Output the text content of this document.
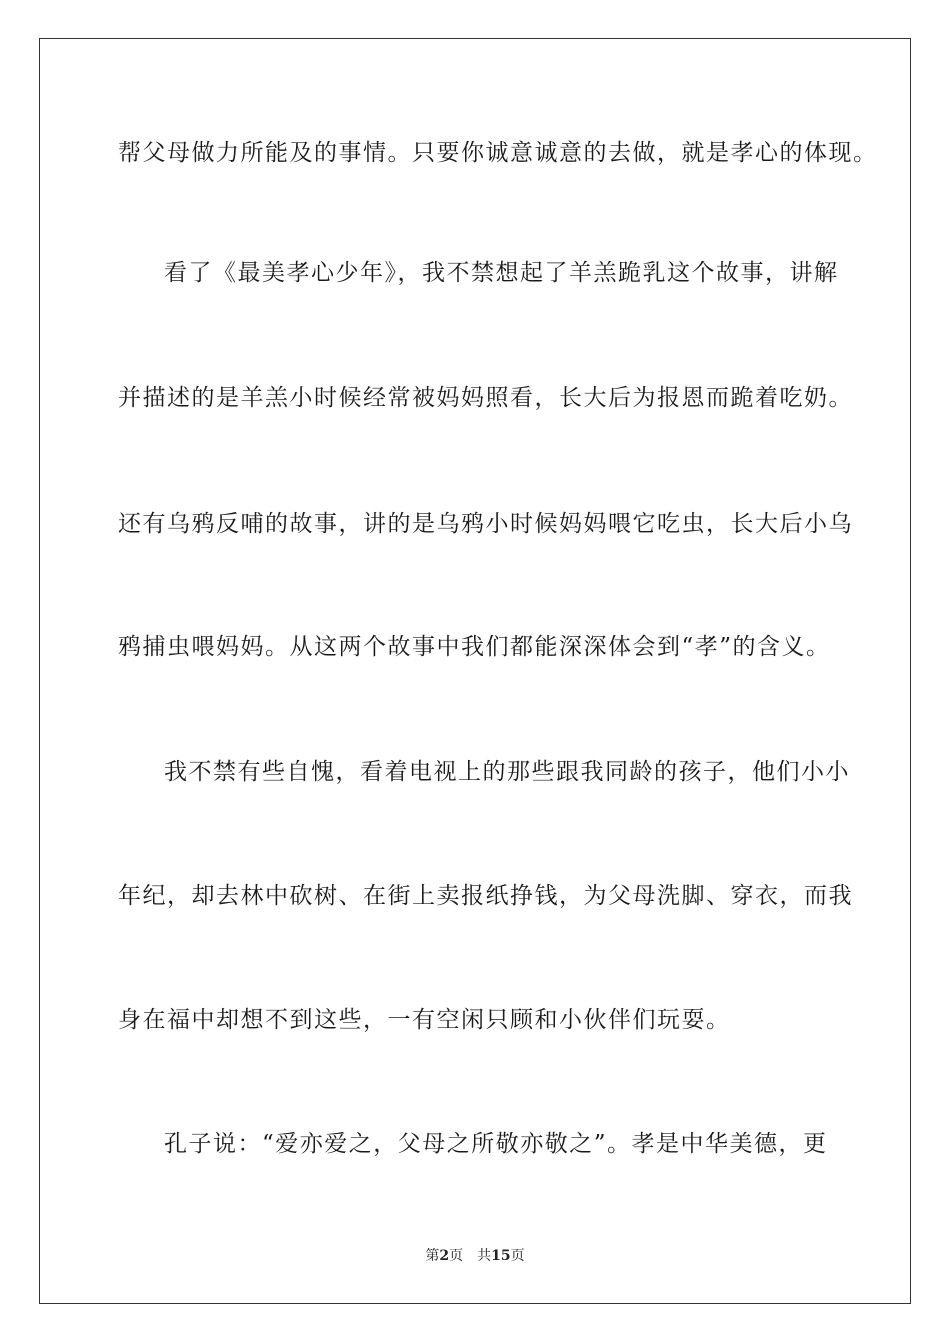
帮父母做力所能及的事情。只要你诚意诚意的去做，就是孝心的体现。
看了《最美孝心少年》，我不禁想起了羊羔跪乳这个故事，讲解
并描述的是羊羔小时候经常被妈妈照看，长大后为报恩而跪着吃奶。
还有乌鸦反哺的故事，讲的是乌鸦小时候妈妈喂它吃虫，长大后小乌
鸦捕虫喂妈妈。从这两个故事中我们都能深深体会到“孝”的含义。
我不禁有些自愧，看着电视上的那些跟我同龄的孩子，他们小小
年纪，却去林中砍树、在街上卖报纸挣钱，为父母洗脚、穿衣，而我
身在福中却想不到这些，一有空闲只顾和小伙伴们玩耍。
孔子说：“爱亦爱之，父母之所敬亦敬之”。孝是中华美德，更
第2页 共15页
